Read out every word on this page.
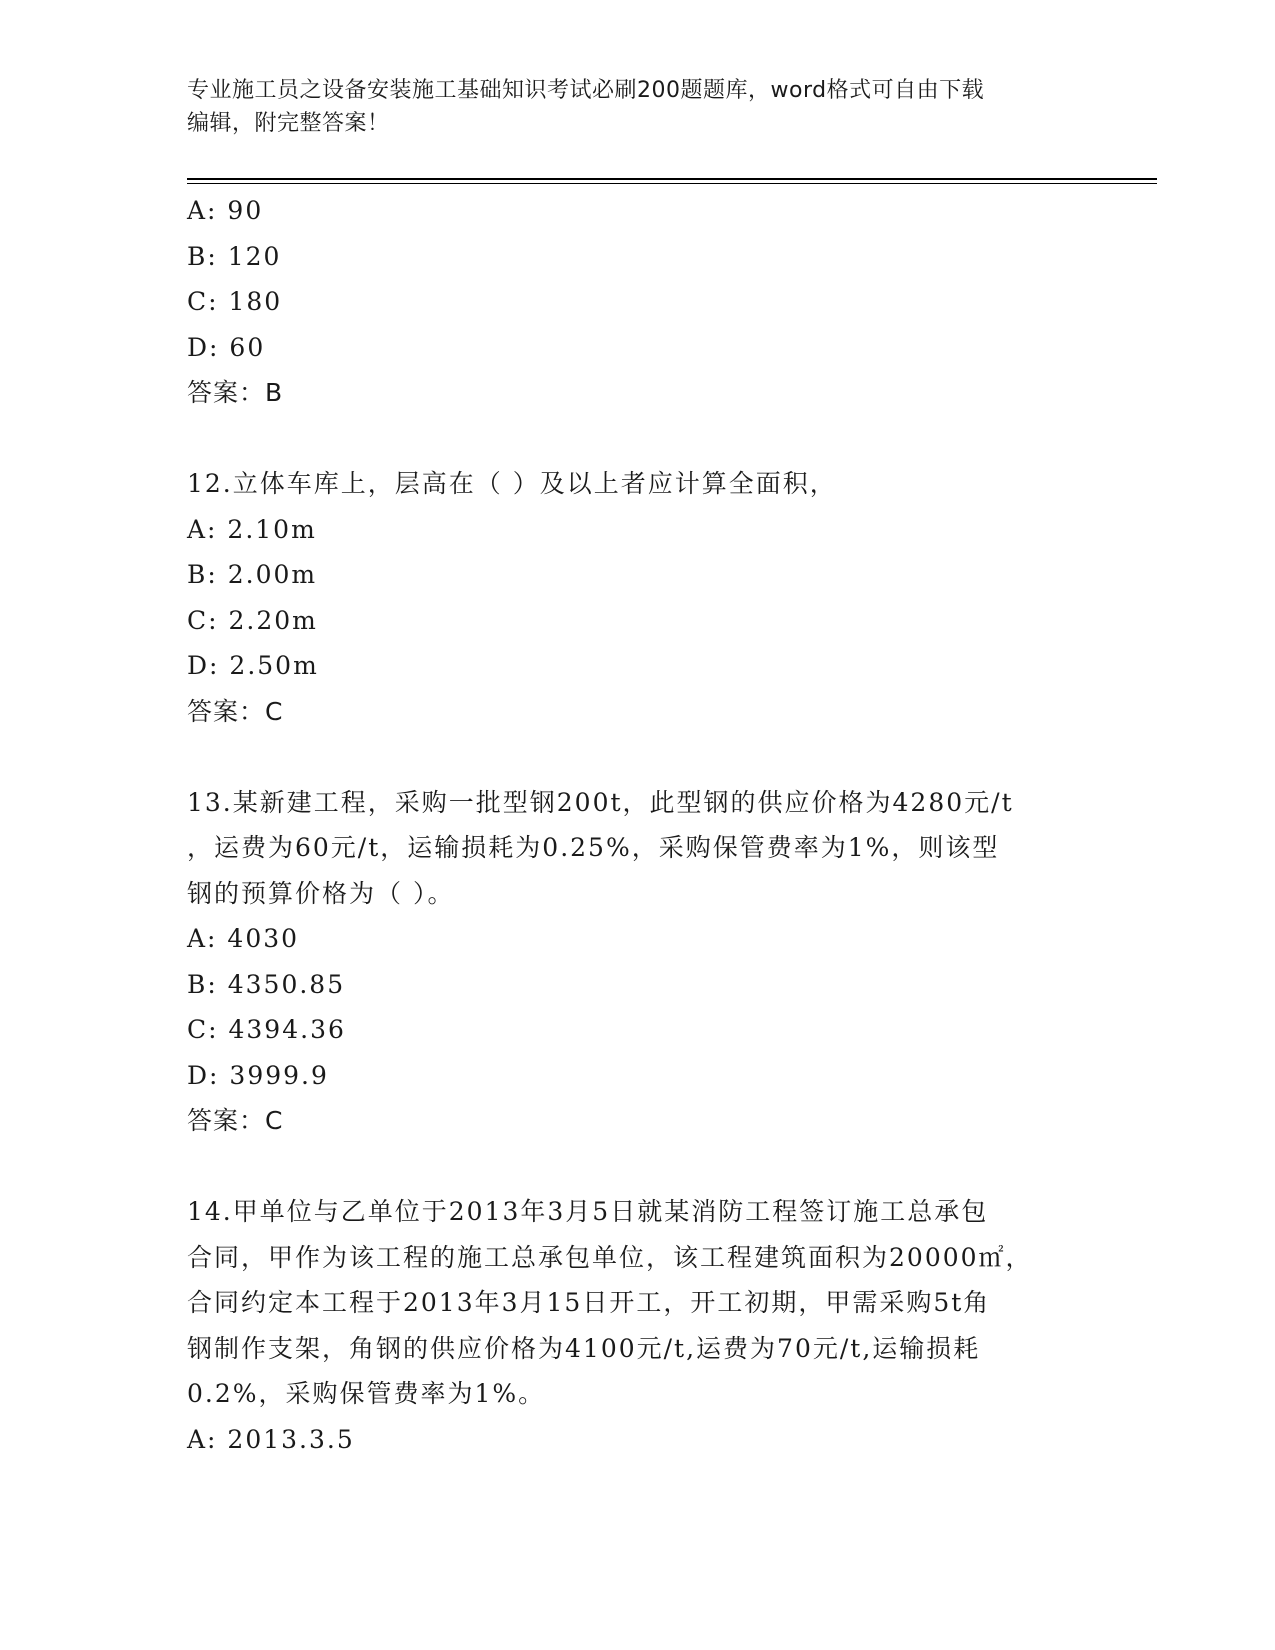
专业施工员之设备安装施工基础知识考试必刷200题题库，word格式可自由下载
编辑，附完整答案！
A: 90
B: 120
C: 180
D: 60
答案：B
12.立体车库上，层高在（ ）及以上者应计算全面积，
A: 2.10m
B: 2.00m
C: 2.20m
D: 2.50m
答案：C
13.某新建工程，采购一批型钢200t，此型钢的供应价格为4280元/t
，运费为60元/t，运输损耗为0.25%，采购保管费率为1%，则该型
钢的预算价格为（ ）。
A: 4030
B: 4350.85
C: 4394.36
D: 3999.9
答案：C
14.甲单位与乙单位于2013年3月5日就某消防工程签订施工总承包
合同，甲作为该工程的施工总承包单位，该工程建筑面积为20000㎡，
合同约定本工程于2013年3月15日开工，开工初期，甲需采购5t角
钢制作支架，角钢的供应价格为4100元/t,运费为70元/t,运输损耗
0.2%，采购保管费率为1%。
A: 2013.3.5
